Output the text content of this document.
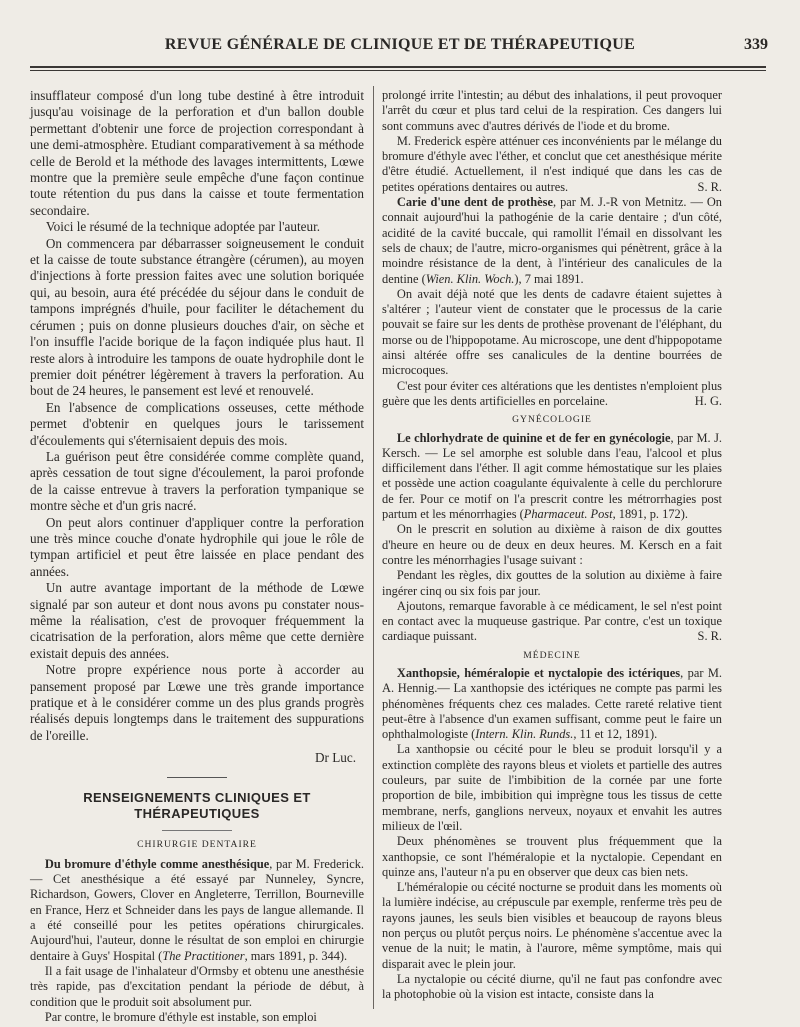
REVUE GÉNÉRALE DE CLINIQUE ET DE THÉRAPEUTIQUE	339

insufflateur composé d'un long tube destiné à être introduit jusqu'au voisinage de la perforation et d'un ballon double permettant d'obtenir une force de projection correspondant à une demi-atmosphère. Etudiant comparativement à sa méthode celle de Berold et la méthode des lavages intermittents, Lœwe montre que la première seule empêche d'une façon continue toute rétention du pus dans la caisse et toute fermentation secondaire.

Voici le résumé de la technique adoptée par l'auteur.

On commencera par débarrasser soigneusement le conduit et la caisse de toute substance étrangère (cérumen), au moyen d'injections à forte pression faites avec une solution boriquée qui, au besoin, aura été précédée du séjour dans le conduit de tampons imprégnés d'huile, pour faciliter le détachement du cérumen ; puis on donne plusieurs douches d'air, on sèche et l'on insuffle l'acide borique de la façon indiquée plus haut. Il reste alors à introduire les tampons de ouate hydrophile dont le premier doit pénétrer légèrement à travers la perforation. Au bout de 24 heures, le pansement est levé et renouvelé.

En l'absence de complications osseuses, cette méthode permet d'obtenir en quelques jours le tarissement d'écoulements qui s'éternisaient depuis des mois.

La guérison peut être considérée comme complète quand, après cessation de tout signe d'écoulement, la paroi profonde de la caisse entrevue à travers la perforation tympanique se montre sèche et d'un gris nacré.

On peut alors continuer d'appliquer contre la perforation une très mince couche d'onate hydrophile qui joue le rôle de tympan artificiel et peut être laissée en place pendant des années.

Un autre avantage important de la méthode de Lœwe signalé par son auteur et dont nous avons pu constater nous-même la réalisation, c'est de provoquer fréquemment la cicatrisation de la perforation, alors même que cette dernière existait depuis des années.

Notre propre expérience nous porte à accorder au pansement proposé par Lœwe une très grande importance pratique et à le considérer comme un des plus grands progrès réalisés depuis longtemps dans le traitement des suppurations de l'oreille.

Dr Luc.
RENSEIGNEMENTS CLINIQUES ET THÉRAPEUTIQUES
CHIRURGIE DENTAIRE

Du bromure d'éthyle comme anesthésique, par M. Frederick. — Cet anesthésique a été essayé par Nunneley, Syncre, Richardson, Gowers, Clover en Angleterre, Terrillon, Bourneville en France, Herz et Schneider dans les pays de langue allemande. Il a été conseillé pour les petites opérations chirurgicales. Aujourd'hui, l'auteur, donne le résultat de son emploi en chirurgie dentaire à Guys' Hospital (The Practitioner, mars 1891, p. 344).

Il a fait usage de l'inhalateur d'Ormsby et obtenu une anesthésie très rapide, pas d'excitation pendant la période de début, à condition que le produit soit absolument pur.

Par contre, le bromure d'éthyle est instable, son emploi

prolongé irrite l'intestin; au début des inhalations, il peut provoquer l'arrêt du cœur et plus tard celui de la respiration. Ces dangers lui sont communs avec d'autres dérivés de l'iode et du brome.

M. Frederick espère atténuer ces inconvénients par le mélange du bromure d'éthyle avec l'éther, et conclut que cet anesthésique mérite d'être étudié. Actuellement, il n'est indiqué que dans les cas de petites opérations dentaires ou autres.	S. R.

Carie d'une dent de prothèse, par M. J.-R von Metnitz. — On connait aujourd'hui la pathogénie de la carie dentaire ; d'un côté, acidité de la cavité buccale, qui ramollit l'émail en dissolvant les sels de chaux; de l'autre, micro-organismes qui pénètrent, grâce à la moindre résistance de la dent, à l'intérieur des canalicules de la dentine (Wien. Klin. Woch.), 7 mai 1891.

On avait déjà noté que les dents de cadavre étaient sujettes à s'altérer ; l'auteur vient de constater que le processus de la carie pouvait se faire sur les dents de prothèse provenant de l'éléphant, du morse ou de l'hippopotame. Au microscope, une dent d'hippopotame ainsi altérée offre ses canalicules de la dentine bourrées de microcoques.

C'est pour éviter ces altérations que les dentistes n'emploient plus guère que les dents artificielles en porcelaine.	H. G.

GYNÉCOLOGIE

Le chlorhydrate de quinine et de fer en gynécologie, par M. J. Kersch. — Le sel amorphe est soluble dans l'eau, l'alcool et plus difficilement dans l'éther. Il agit comme hémostatique sur les plaies et possède une action coagulante équivalente à celle du perchlorure de fer. Pour ce motif on l'a prescrit contre les métrorrhagies post partum et les ménorrhagies (Pharmaceut. Post, 1891, p. 172).

On le prescrit en solution au dixième à raison de dix gouttes d'heure en heure ou de deux en deux heures. M. Kersch en a fait contre les ménorrhagies l'usage suivant :

Pendant les règles, dix gouttes de la solution au dixième à faire ingérer cinq ou six fois par jour.

Ajoutons, remarque favorable à ce médicament, le sel n'est point en contact avec la muqueuse gastrique. Par contre, c'est un toxique cardiaque puissant.	S. R.

MÉDECINE

Xanthopsie, héméralopie et nyctalopie des ictériques, par M. A. Hennig.— La xanthopsie des ictériques ne compte pas parmi les phénomènes fréquents chez ces malades. Cette rareté relative tient peut-être à l'absence d'un examen suffisant, comme peut le faire un ophthalmologiste (Intern. Klin. Runds., 11 et 12, 1891).

La xanthopsie ou cécité pour le bleu se produit lorsqu'il y a extinction complète des rayons bleus et violets et partielle des autres couleurs, par suite de l'imbibition de la cornée par une forte proportion de bile, imbibition qui imprègne tous les tissus de cette membrane, nerfs, ganglions nerveux, noyaux et envahit les autres milieux de l'œil.

Deux phénomènes se trouvent plus fréquemment que la xanthopsie, ce sont l'héméralopie et la nyctalopie. Cependant en quinze ans, l'auteur n'a pu en observer que deux cas bien nets.

L'héméralopie ou cécité nocturne se produit dans les moments où la lumière indécise, au crépuscule par exemple, renferme très peu de rayons jaunes, les seuls bien visibles et beaucoup de rayons bleus non perçus ou plutôt perçus noirs. Le phénomène s'accentue avec la venue de la nuit; le matin, à l'aurore, même symptôme, mais qui disparait avec le plein jour.

La nyctalopie ou cécité diurne, qu'il ne faut pas confondre avec la photophobie où la vision est intacte, consiste dans la
